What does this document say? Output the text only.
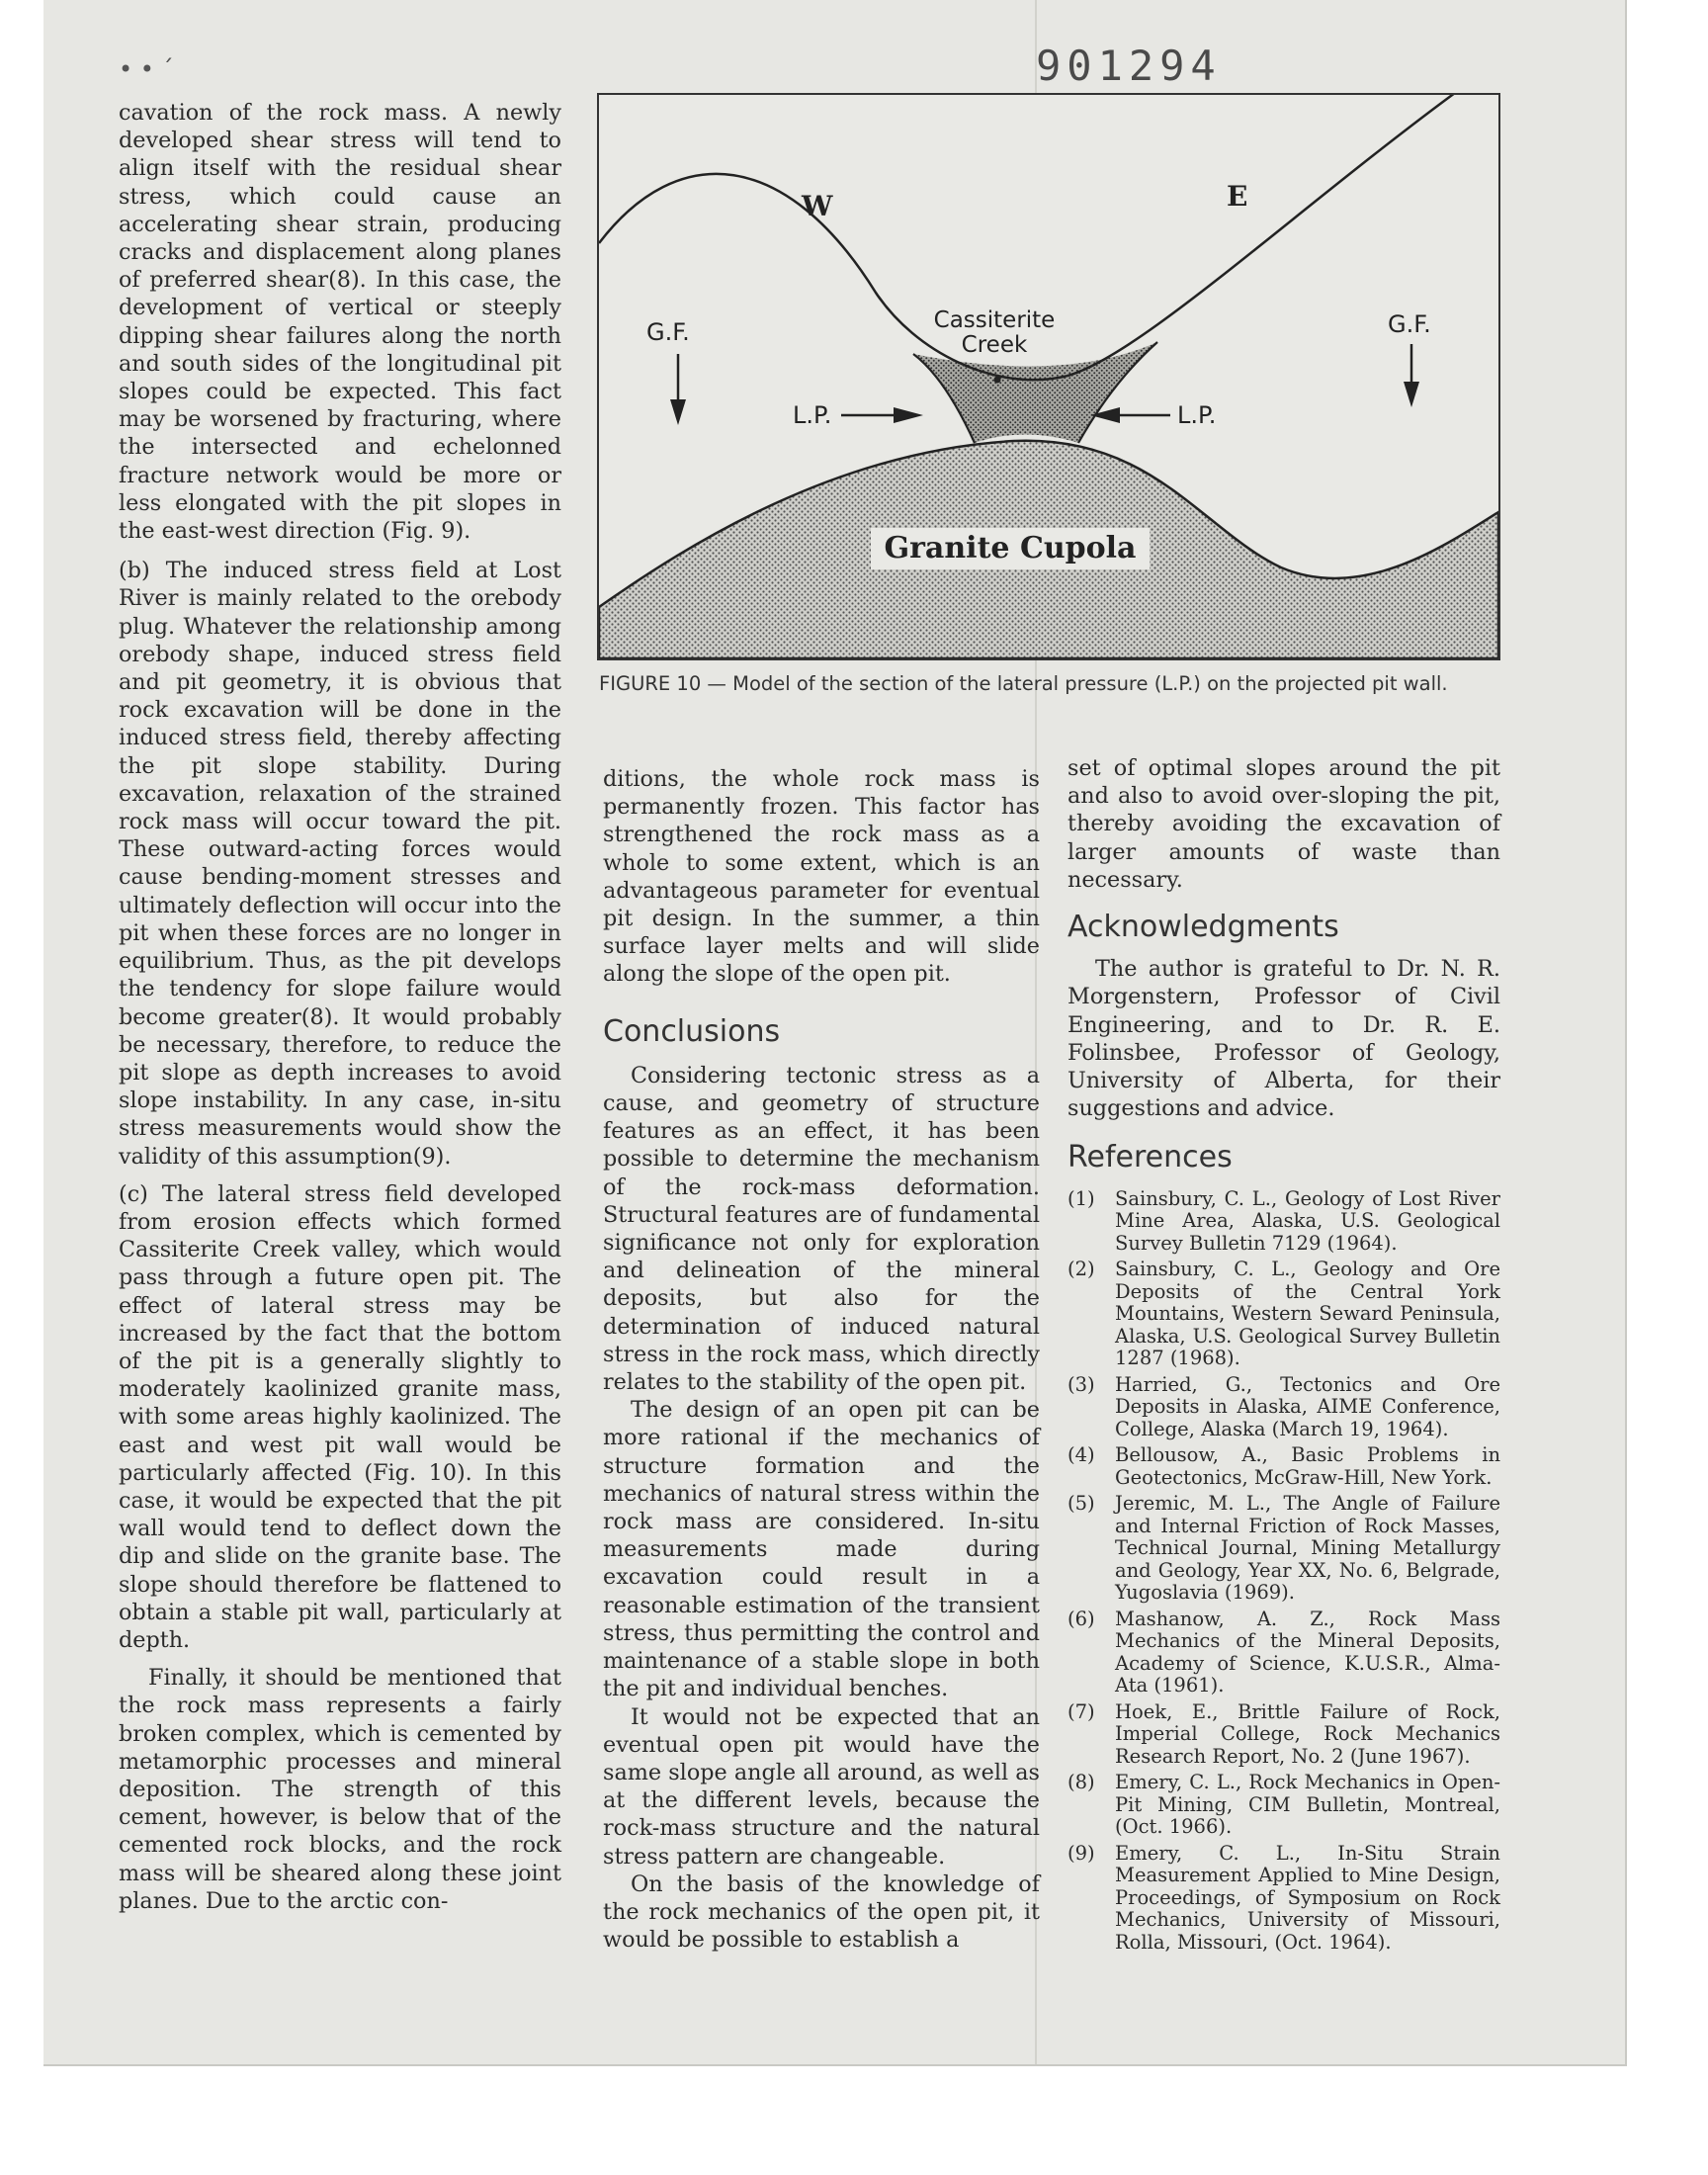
• • ˊ	901294

cavation of the rock mass. A newly developed shear stress will tend to align itself with the residual shear stress, which could cause an accelerating shear strain, producing cracks and displacement along planes of preferred shear(8). In this case, the development of vertical or steeply dipping shear failures along the north and south sides of the longitudinal pit slopes could be expected. This fact may be worsened by fracturing, where the intersected and echelonned fracture network would be more or less elongated with the pit slopes in the east-west direction (Fig. 9).

(b) The induced stress field at Lost River is mainly related to the orebody plug. Whatever the relationship among orebody shape, induced stress field and pit geometry, it is obvious that rock excavation will be done in the induced stress field, thereby affecting the pit slope stability. During excavation, relaxation of the strained rock mass will occur toward the pit. These outward-acting forces would cause bending-moment stresses and ultimately deflection will occur into the pit when these forces are no longer in equilibrium. Thus, as the pit develops the tendency for slope failure would become greater(8). It would probably be necessary, therefore, to reduce the pit slope as depth increases to avoid slope instability. In any case, in-situ stress measurements would show the validity of this assumption(9).

(c) The lateral stress field developed from erosion effects which formed Cassiterite Creek valley, which would pass through a future open pit. The effect of lateral stress may be increased by the fact that the bottom of the pit is a generally slightly to moderately kaolinized granite mass, with some areas highly kaolinized. The east and west pit wall would be particularly affected (Fig. 10). In this case, it would be expected that the pit wall would tend to deflect down the dip and slide on the granite base. The slope should therefore be flattened to obtain a stable pit wall, particularly at depth.

Finally, it should be mentioned that the rock mass represents a fairly broken complex, which is cemented by metamorphic processes and mineral deposition. The strength of this cement, however, is below that of the cemented rock blocks, and the rock mass will be sheared along these joint planes. Due to the arctic con-

W	E
Cassiterite
Creek
G.F.	G.F.
L.P.	L.P.
Granite Cupola
FIGURE 10 — Model of the section of the lateral pressure (L.P.) on the projected pit wall.

ditions, the whole rock mass is permanently frozen. This factor has strengthened the rock mass as a whole to some extent, which is an advantageous parameter for eventual pit design. In the summer, a thin surface layer melts and will slide along the slope of the open pit.

Conclusions

Considering tectonic stress as a cause, and geometry of structure features as an effect, it has been possible to determine the mechanism of the rock-mass deformation. Structural features are of fundamental significance not only for exploration and delineation of the mineral deposits, but also for the determination of induced natural stress in the rock mass, which directly relates to the stability of the open pit.

The design of an open pit can be more rational if the mechanics of structure formation and the mechanics of natural stress within the rock mass are considered. In-situ measurements made during excavation could result in a reasonable estimation of the transient stress, thus permitting the control and maintenance of a stable slope in both the pit and individual benches.

It would not be expected that an eventual open pit would have the same slope angle all around, as well as at the different levels, because the rock-mass structure and the natural stress pattern are changeable.

On the basis of the knowledge of the rock mechanics of the open pit, it would be possible to establish a

set of optimal slopes around the pit and also to avoid over-sloping the pit, thereby avoiding the excavation of larger amounts of waste than necessary.

Acknowledgments

The author is grateful to Dr. N. R. Morgenstern, Professor of Civil Engineering, and to Dr. R. E. Folinsbee, Professor of Geology, University of Alberta, for their suggestions and advice.

References
(1)	Sainsbury, C. L., Geology of Lost River Mine Area, Alaska, U.S. Geological Survey Bulletin 7129 (1964).
(2)	Sainsbury, C. L., Geology and Ore Deposits of the Central York Mountains, Western Seward Peninsula, Alaska, U.S. Geological Survey Bulletin 1287 (1968).
(3)	Harried, G., Tectonics and Ore Deposits in Alaska, AIME Conference, College, Alaska (March 19, 1964).
(4)	Bellousow, A., Basic Problems in Geotectonics, McGraw-Hill, New York.
(5)	Jeremic, M. L., The Angle of Failure and Internal Friction of Rock Masses, Technical Journal, Mining Metallurgy and Geology, Year XX, No. 6, Belgrade, Yugoslavia (1969).
(6)	Mashanow, A. Z., Rock Mass Mechanics of the Mineral Deposits, Academy of Science, K.U.S.R., Alma-Ata (1961).
(7)	Hoek, E., Brittle Failure of Rock, Imperial College, Rock Mechanics Research Report, No. 2 (June 1967).
(8)	Emery, C. L., Rock Mechanics in Open-Pit Mining, CIM Bulletin, Montreal, (Oct. 1966).
(9)	Emery, C. L., In-Situ Strain Measurement Applied to Mine Design, Proceedings, of Symposium on Rock Mechanics, University of Missouri, Rolla, Missouri, (Oct. 1964).
